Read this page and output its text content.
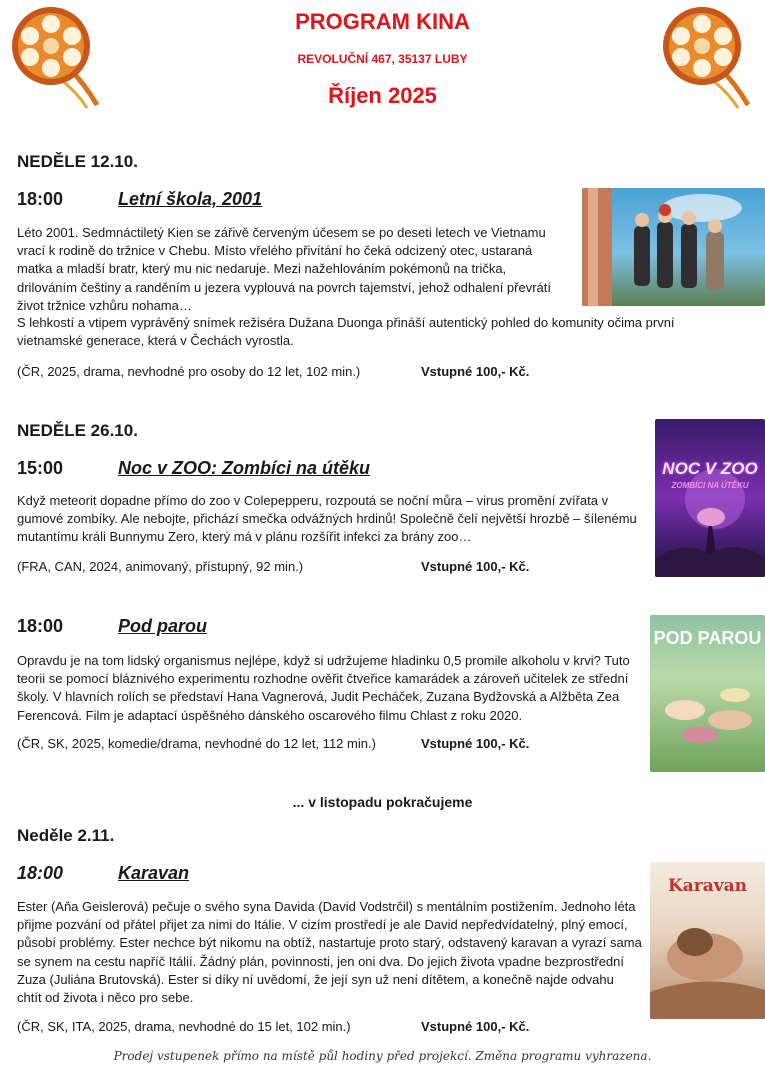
PROGRAM KINA
REVOLUČNÍ 467, 35137 LUBY
Říjen 2025
NEDĚLE 12.10.
18:00	Letní škola, 2001
Léto 2001. Sedmnáctiletý Kien se zářivě červeným účesem se po deseti letech ve Vietnamu vrací k rodině do tržnice v Chebu. Místo vřelého přivítání ho čeká odcizený otec, ustaraná matka a mladší bratr, který mu nic nedaruje. Mezi nažehlováním pokémonů na trička, drilováním češtiny a randěním u jezera vyplouvá na povrch tajemství, jehož odhalení převrátí život tržnice vzhůru nohama…
S lehkostí a vtipem vyprávěný snímek režiséra Dužana Duonga přináší autentický pohled do komunity očima první vietnamské generace, která v Čechách vyrostla.
(ČR, 2025, drama, nevhodné pro osoby do 12 let, 102 min.)	Vstupné 100,- Kč.
NEDĚLE 26.10.
15:00	Noc v ZOO: Zombíci na útěku
Když meteorit dopadne přímo do zoo v Colepepperu, rozpoutá se noční můra – virus promění zvířata v gumové zombíky. Ale nebojte, přichází smečka odvážných hrdinů! Společně čelí největší hrozbě – šílenému mutantímu králi Bunnymu Zero, který má v plánu rozšířit infekci za brány zoo…
(FRA, CAN, 2024, animovaný, přístupný, 92 min.)	Vstupné 100,- Kč.
NOC V ZOO
ZOMBÍCI NA ÚTĚKU
18:00	Pod parou
Opravdu je na tom lidský organismus nejlépe, když si udržujeme hladinku 0,5 promile alkoholu v krvi? Tuto teorii se pomocí bláznivého experimentu rozhodne ověřit čtveřice kamarádek a zároveň učitelek ze střední školy. V hlavních rolích se představí Hana Vagnerová, Judit Pecháček, Zuzana Bydžovská a Alžběta Zea Ferencová. Film je adaptací úspěšného dánského oscarového filmu Chlast z roku 2020.
(ČR, SK, 2025, komedie/drama, nevhodné do 12 let, 112 min.)	Vstupné 100,- Kč.
POD PAROU
... v listopadu pokračujeme
Neděle 2.11.
18:00	Karavan
Ester (Aňa Geislerová) pečuje o svého syna Davida (David Vodstrčil) s mentálním postižením. Jednoho léta přijme pozvání od přátel přijet za nimi do Itálie. V cizím prostředí je ale David nepředvídatelný, plný emocí, působí problémy. Ester nechce být nikomu na obtíž, nastartuje proto starý, odstavený karavan a vyrazí sama se synem na cestu napříč Itálií. Žádný plán, povinnosti, jen oni dva. Do jejich života vpadne bezprostřední Zuza (Juliána Brutovská). Ester si díky ní uvědomí, že její syn už není dítětem, a konečně najde odvahu chtít od života i něco pro sebe.
(ČR, SK, ITA, 2025, drama, nevhodné do 15 let, 102 min.)	Vstupné 100,- Kč.
Karavan
Prodej vstupenek přímo na místě půl hodiny před projekcí. Změna programu vyhrazena.
